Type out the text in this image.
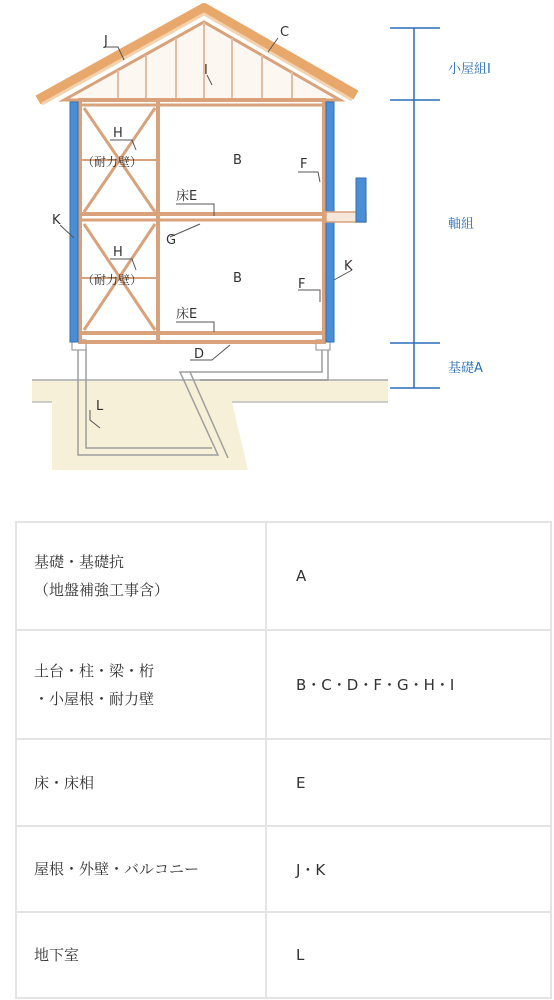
J
C
I
H
（耐力壁）	B	F
K
床E
G
H
（耐力壁）	B	F
K
床E
D
L
小屋組Ⅰ
軸組
基礎A
基礎・基礎抗
（地盤補強工事含）	A

土台・柱・梁・桁
・小屋根・耐力壁	B・C・D・F・G・H・I

床・床相	E

屋根・外壁・バルコニー	J・K

地下室	L
